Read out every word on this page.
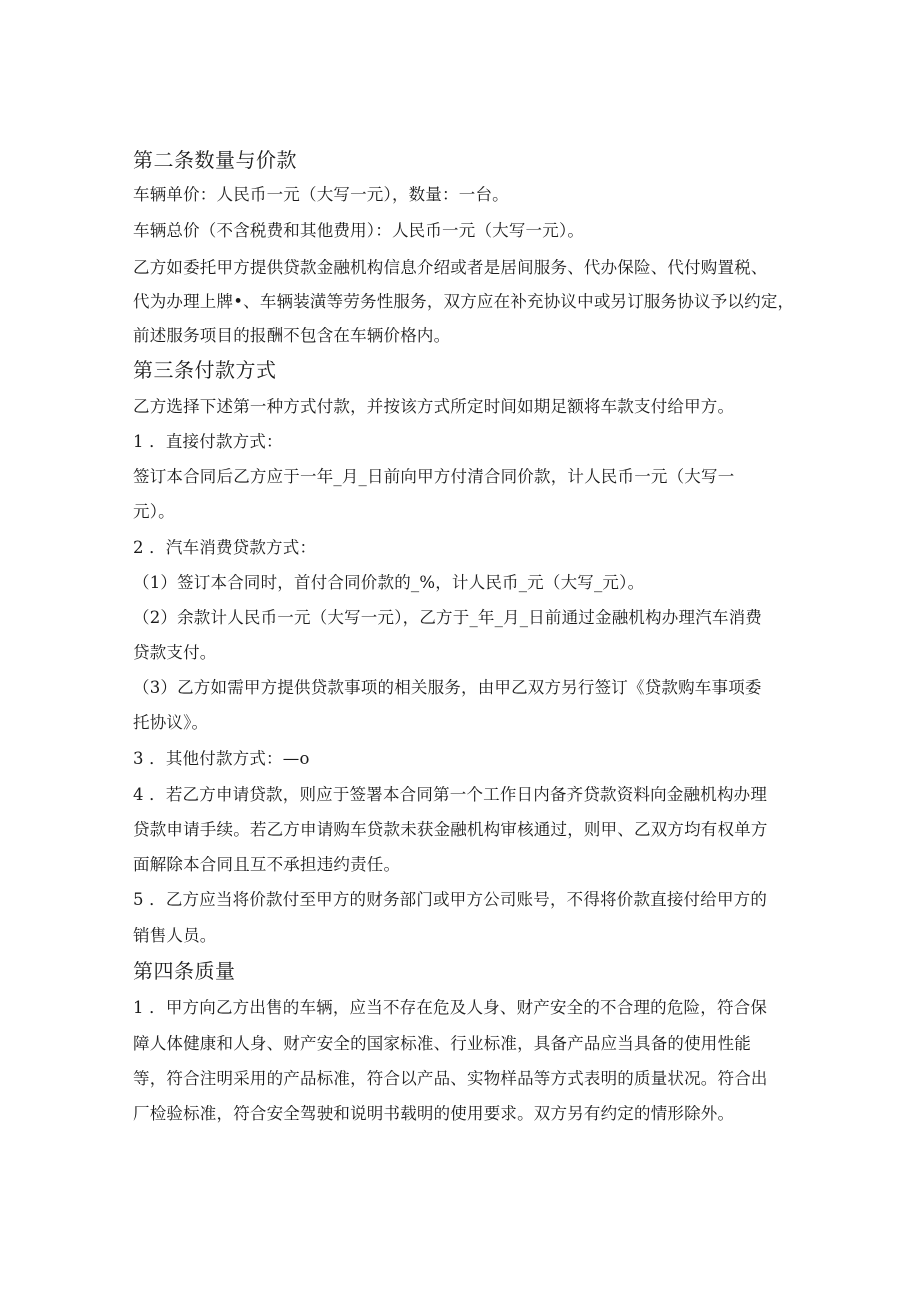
第二条数量与价款
车辆单价：人民币一元（大写一元），数量：一台。
车辆总价（不含税费和其他费用）：人民币一元（大写一元）。
乙方如委托甲方提供贷款金融机构信息介绍或者是居间服务、代办保险、代付购置税、
代为办理上牌•、车辆装潢等劳务性服务，双方应在补充协议中或另订服务协议予以约定，
前述服务项目的报酬不包含在车辆价格内。
第三条付款方式
乙方选择下述第一种方式付款，并按该方式所定时间如期足额将车款支付给甲方。
1 ．直接付款方式：
签订本合同后乙方应于一年_月_日前向甲方付清合同价款，计人民币一元（大写一
元）。
2 ．汽车消费贷款方式：
（1）签订本合同时，首付合同价款的_%，计人民币_元（大写_元）。
（2）余款计人民币一元（大写一元），乙方于_年_月_日前通过金融机构办理汽车消费
贷款支付。
（3）乙方如需甲方提供贷款事项的相关服务，由甲乙双方另行签订《贷款购车事项委
托协议》。
3 ．其他付款方式：—o
4 ．若乙方申请贷款，则应于签署本合同第一个工作日内备齐贷款资料向金融机构办理
贷款申请手续。若乙方申请购车贷款未获金融机构审核通过，则甲、乙双方均有权单方
面解除本合同且互不承担违约责任。
5 ．乙方应当将价款付至甲方的财务部门或甲方公司账号，不得将价款直接付给甲方的
销售人员。
第四条质量
1 ．甲方向乙方出售的车辆，应当不存在危及人身、财产安全的不合理的危险，符合保
障人体健康和人身、财产安全的国家标准、行业标准，具备产品应当具备的使用性能
等，符合注明采用的产品标准，符合以产品、实物样品等方式表明的质量状况。符合出
厂检验标准，符合安全驾驶和说明书载明的使用要求。双方另有约定的情形除外。
